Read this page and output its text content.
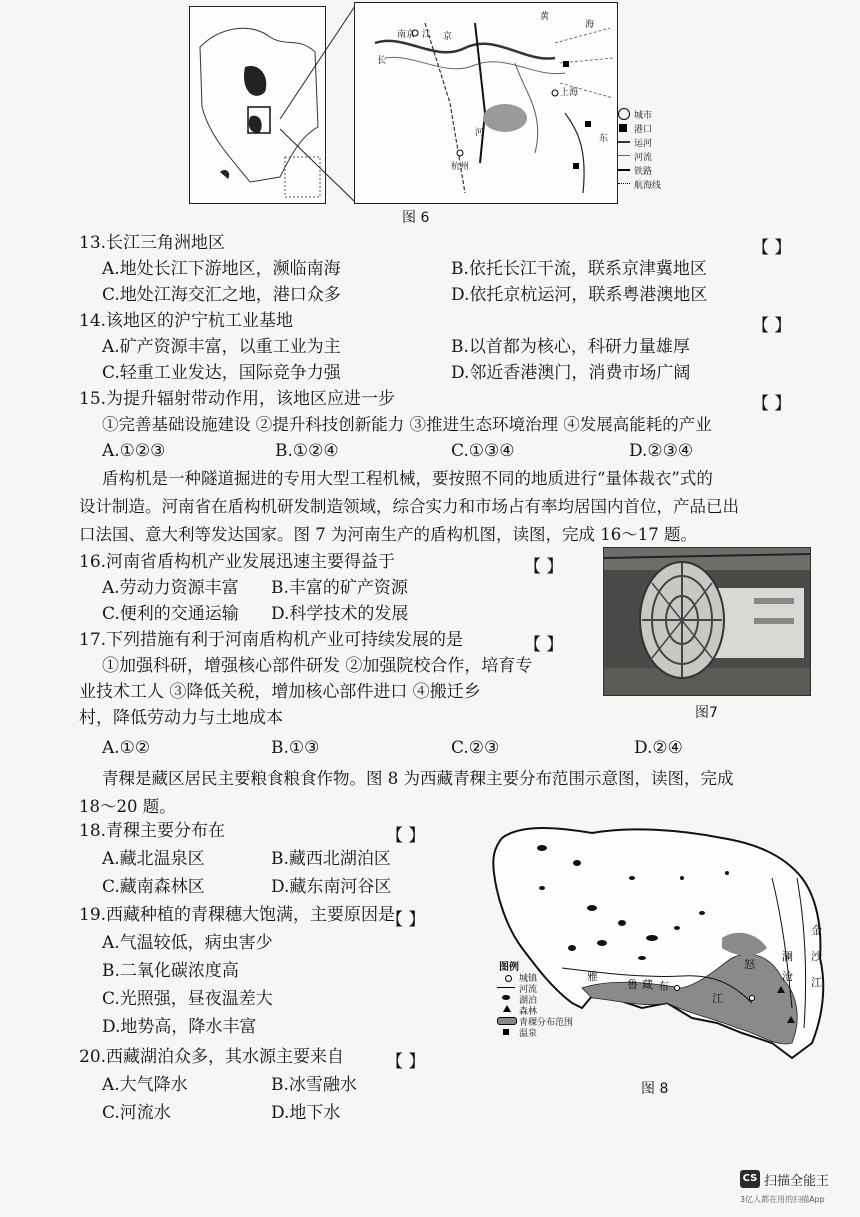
江
南京	京
长
黄
海
上海
杭州
河
东
城市
港口
运河
河流
铁路
航海线
图 6
13.长江三角洲地区	【 】
A.地处长江下游地区，濒临南海	B.依托长江干流，联系京津冀地区
C.地处江海交汇之地，港口众多	D.依托京杭运河，联系粤港澳地区
14.该地区的沪宁杭工业基地	【 】
A.矿产资源丰富，以重工业为主	B.以首都为核心，科研力量雄厚
C.轻重工业发达，国际竞争力强	D.邻近香港澳门，消费市场广阔
15.为提升辐射带动作用，该地区应进一步	【 】
①完善基础设施建设 ②提升科技创新能力 ③推进生态环境治理 ④发展高能耗的产业
A.①②③	B.①②④	C.①③④	D.②③④
盾构机是一种隧道掘进的专用大型工程机械，要按照不同的地质进行“量体裁衣”式的
设计制造。河南省在盾构机研发制造领域，综合实力和市场占有率均居国内首位，产品已出
口法国、意大利等发达国家。图 7 为河南生产的盾构机图，读图，完成 16～17 题。
16.河南省盾构机产业发展迅速主要得益于	【 】
A.劳动力资源丰富 B.丰富的矿产资源
C.便利的交通运输 D.科学技术的发展
17.下列措施有利于河南盾构机产业可持续发展的是	【 】
①加强科研，增强核心部件研发 ②加强院校合作，培育专
业技术工人 ③降低关税，增加核心部件进口 ④搬迁乡
村，降低劳动力与土地成本
A.①②	B.①③	C.②③	D.②④
图7
青稞是藏区居民主要粮食粮食作物。图 8 为西藏青稞主要分布范围示意图，读图，完成
18～20 题。
18.青稞主要分布在	【 】
A.藏北温泉区	B.藏西北湖泊区
C.藏南森林区	D.藏东南河谷区
19.西藏种植的青稞穗大饱满，主要原因是
【 】
A.气温较低，病虫害少
B.二氧化碳浓度高
C.光照强，昼夜温差大
D.地势高，降水丰富
20.西藏湖泊众多，其水源主要来自 【 】
A.大气降水	B.冰雪融水
C.河流水	D.地下水
雅
鲁 藏 布
江
金
沙
江
澜
沧
怒
图例
城镇
河流
湖泊
森林
青稞分布范围
温泉
图 8
CS 扫描全能王
3亿人都在用的扫描App
